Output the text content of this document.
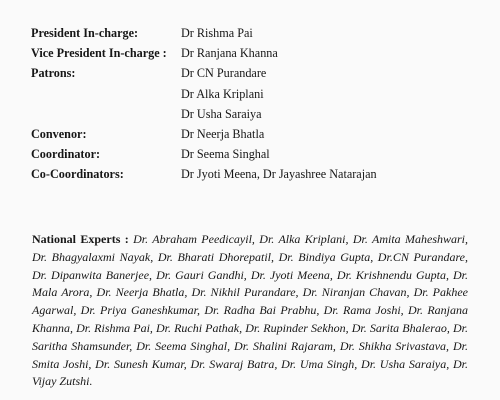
President In-charge:	Dr Rishma Pai
Vice President In-charge :	Dr Ranjana Khanna
Patrons:	Dr CN Purandare
Dr Alka Kriplani
Dr Usha Saraiya
Convenor:	Dr Neerja Bhatla
Coordinator:	Dr Seema Singhal
Co-Coordinators:	Dr Jyoti Meena, Dr Jayashree Natarajan

National Experts : Dr. Abraham Peedicayil, Dr. Alka Kriplani, Dr. Amita Maheshwari, Dr. Bhagyalaxmi Nayak, Dr. Bharati Dhorepatil, Dr. Bindiya Gupta, Dr.CN Purandare, Dr. Dipanwita Banerjee, Dr. Gauri Gandhi, Dr. Jyoti Meena, Dr. Krishnendu Gupta, Dr. Mala Arora, Dr. Neerja Bhatla, Dr. Nikhil Purandare, Dr. Niranjan Chavan, Dr. Pakhee Agarwal, Dr. Priya Ganeshkumar, Dr. Radha Bai Prabhu, Dr. Rama Joshi, Dr. Ranjana Khanna, Dr. Rishma Pai, Dr. Ruchi Pathak, Dr. Rupinder Sekhon, Dr. Sarita Bhalerao, Dr. Saritha Shamsunder, Dr. Seema Singhal, Dr. Shalini Rajaram, Dr. Shikha Srivastava, Dr. Smita Joshi, Dr. Sunesh Kumar, Dr. Swaraj Batra, Dr. Uma Singh, Dr. Usha Saraiya, Dr. Vijay Zutshi.
